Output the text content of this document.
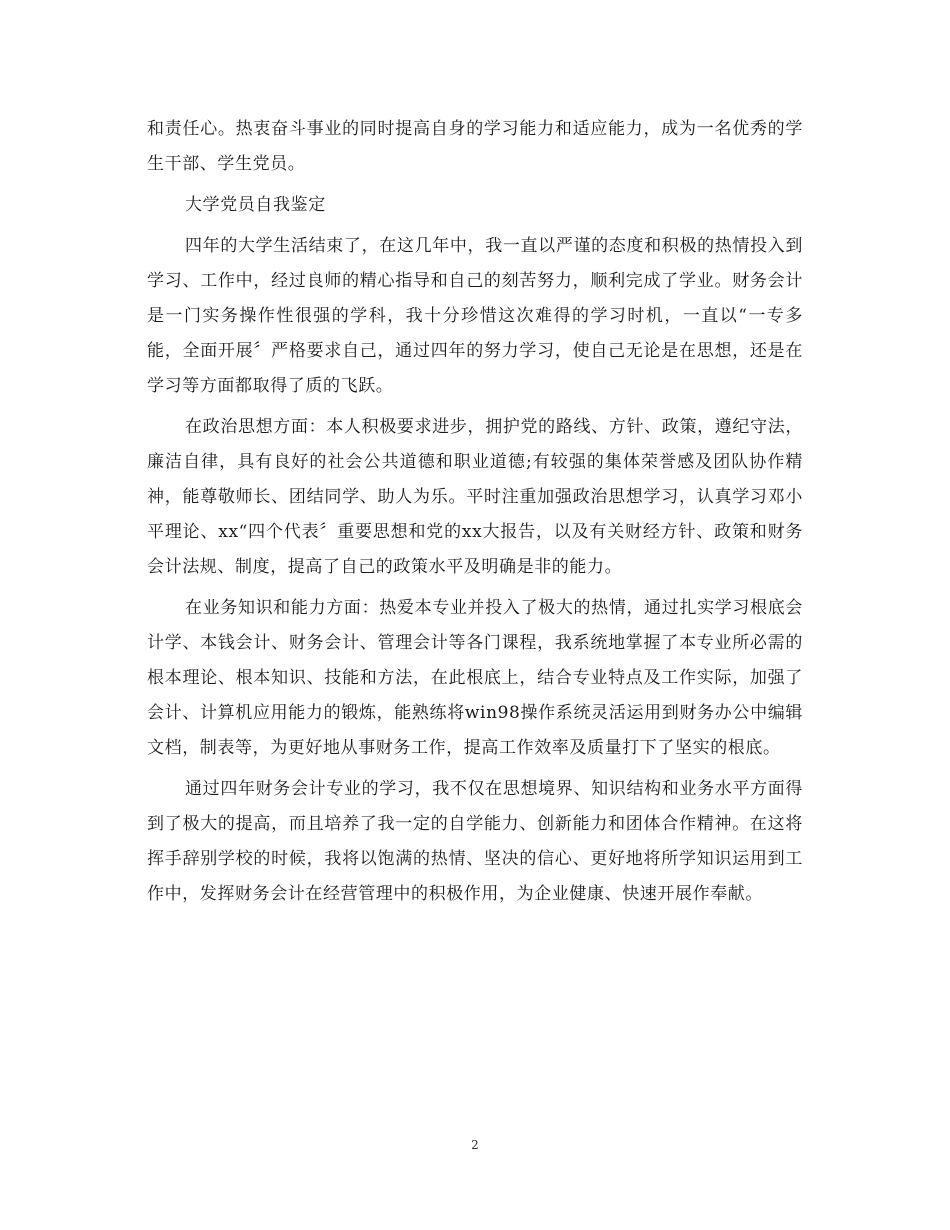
和责任心。热衷奋斗事业的同时提高自身的学习能力和适应能力，成为一名优秀的学生干部、学生党员。

大学党员自我鉴定

四年的大学生活结束了，在这几年中，我一直以严谨的态度和积极的热情投入到学习、工作中，经过良师的精心指导和自己的刻苦努力，顺利完成了学业。财务会计是一门实务操作性很强的学科，我十分珍惜这次难得的学习时机，一直以“一专多能，全面开展〞严格要求自己，通过四年的努力学习，使自己无论是在思想，还是在学习等方面都取得了质的飞跃。

在政治思想方面：本人积极要求进步，拥护党的路线、方针、政策，遵纪守法，廉洁自律，具有良好的社会公共道德和职业道德;有较强的集体荣誉感及团队协作精神，能尊敬师长、团结同学、助人为乐。平时注重加强政治思想学习，认真学习邓小平理论、xx“四个代表〞重要思想和党的xx大报告，以及有关财经方针、政策和财务会计法规、制度，提高了自己的政策水平及明确是非的能力。

在业务知识和能力方面：热爱本专业并投入了极大的热情，通过扎实学习根底会计学、本钱会计、财务会计、管理会计等各门课程，我系统地掌握了本专业所必需的根本理论、根本知识、技能和方法，在此根底上，结合专业特点及工作实际，加强了会计、计算机应用能力的锻炼，能熟练将win98操作系统灵活运用到财务办公中编辑文档，制表等，为更好地从事财务工作，提高工作效率及质量打下了坚实的根底。

通过四年财务会计专业的学习，我不仅在思想境界、知识结构和业务水平方面得到了极大的提高，而且培养了我一定的自学能力、创新能力和团体合作精神。在这将挥手辞别学校的时候，我将以饱满的热情、坚决的信心、更好地将所学知识运用到工作中，发挥财务会计在经营管理中的积极作用，为企业健康、快速开展作奉献。

2
